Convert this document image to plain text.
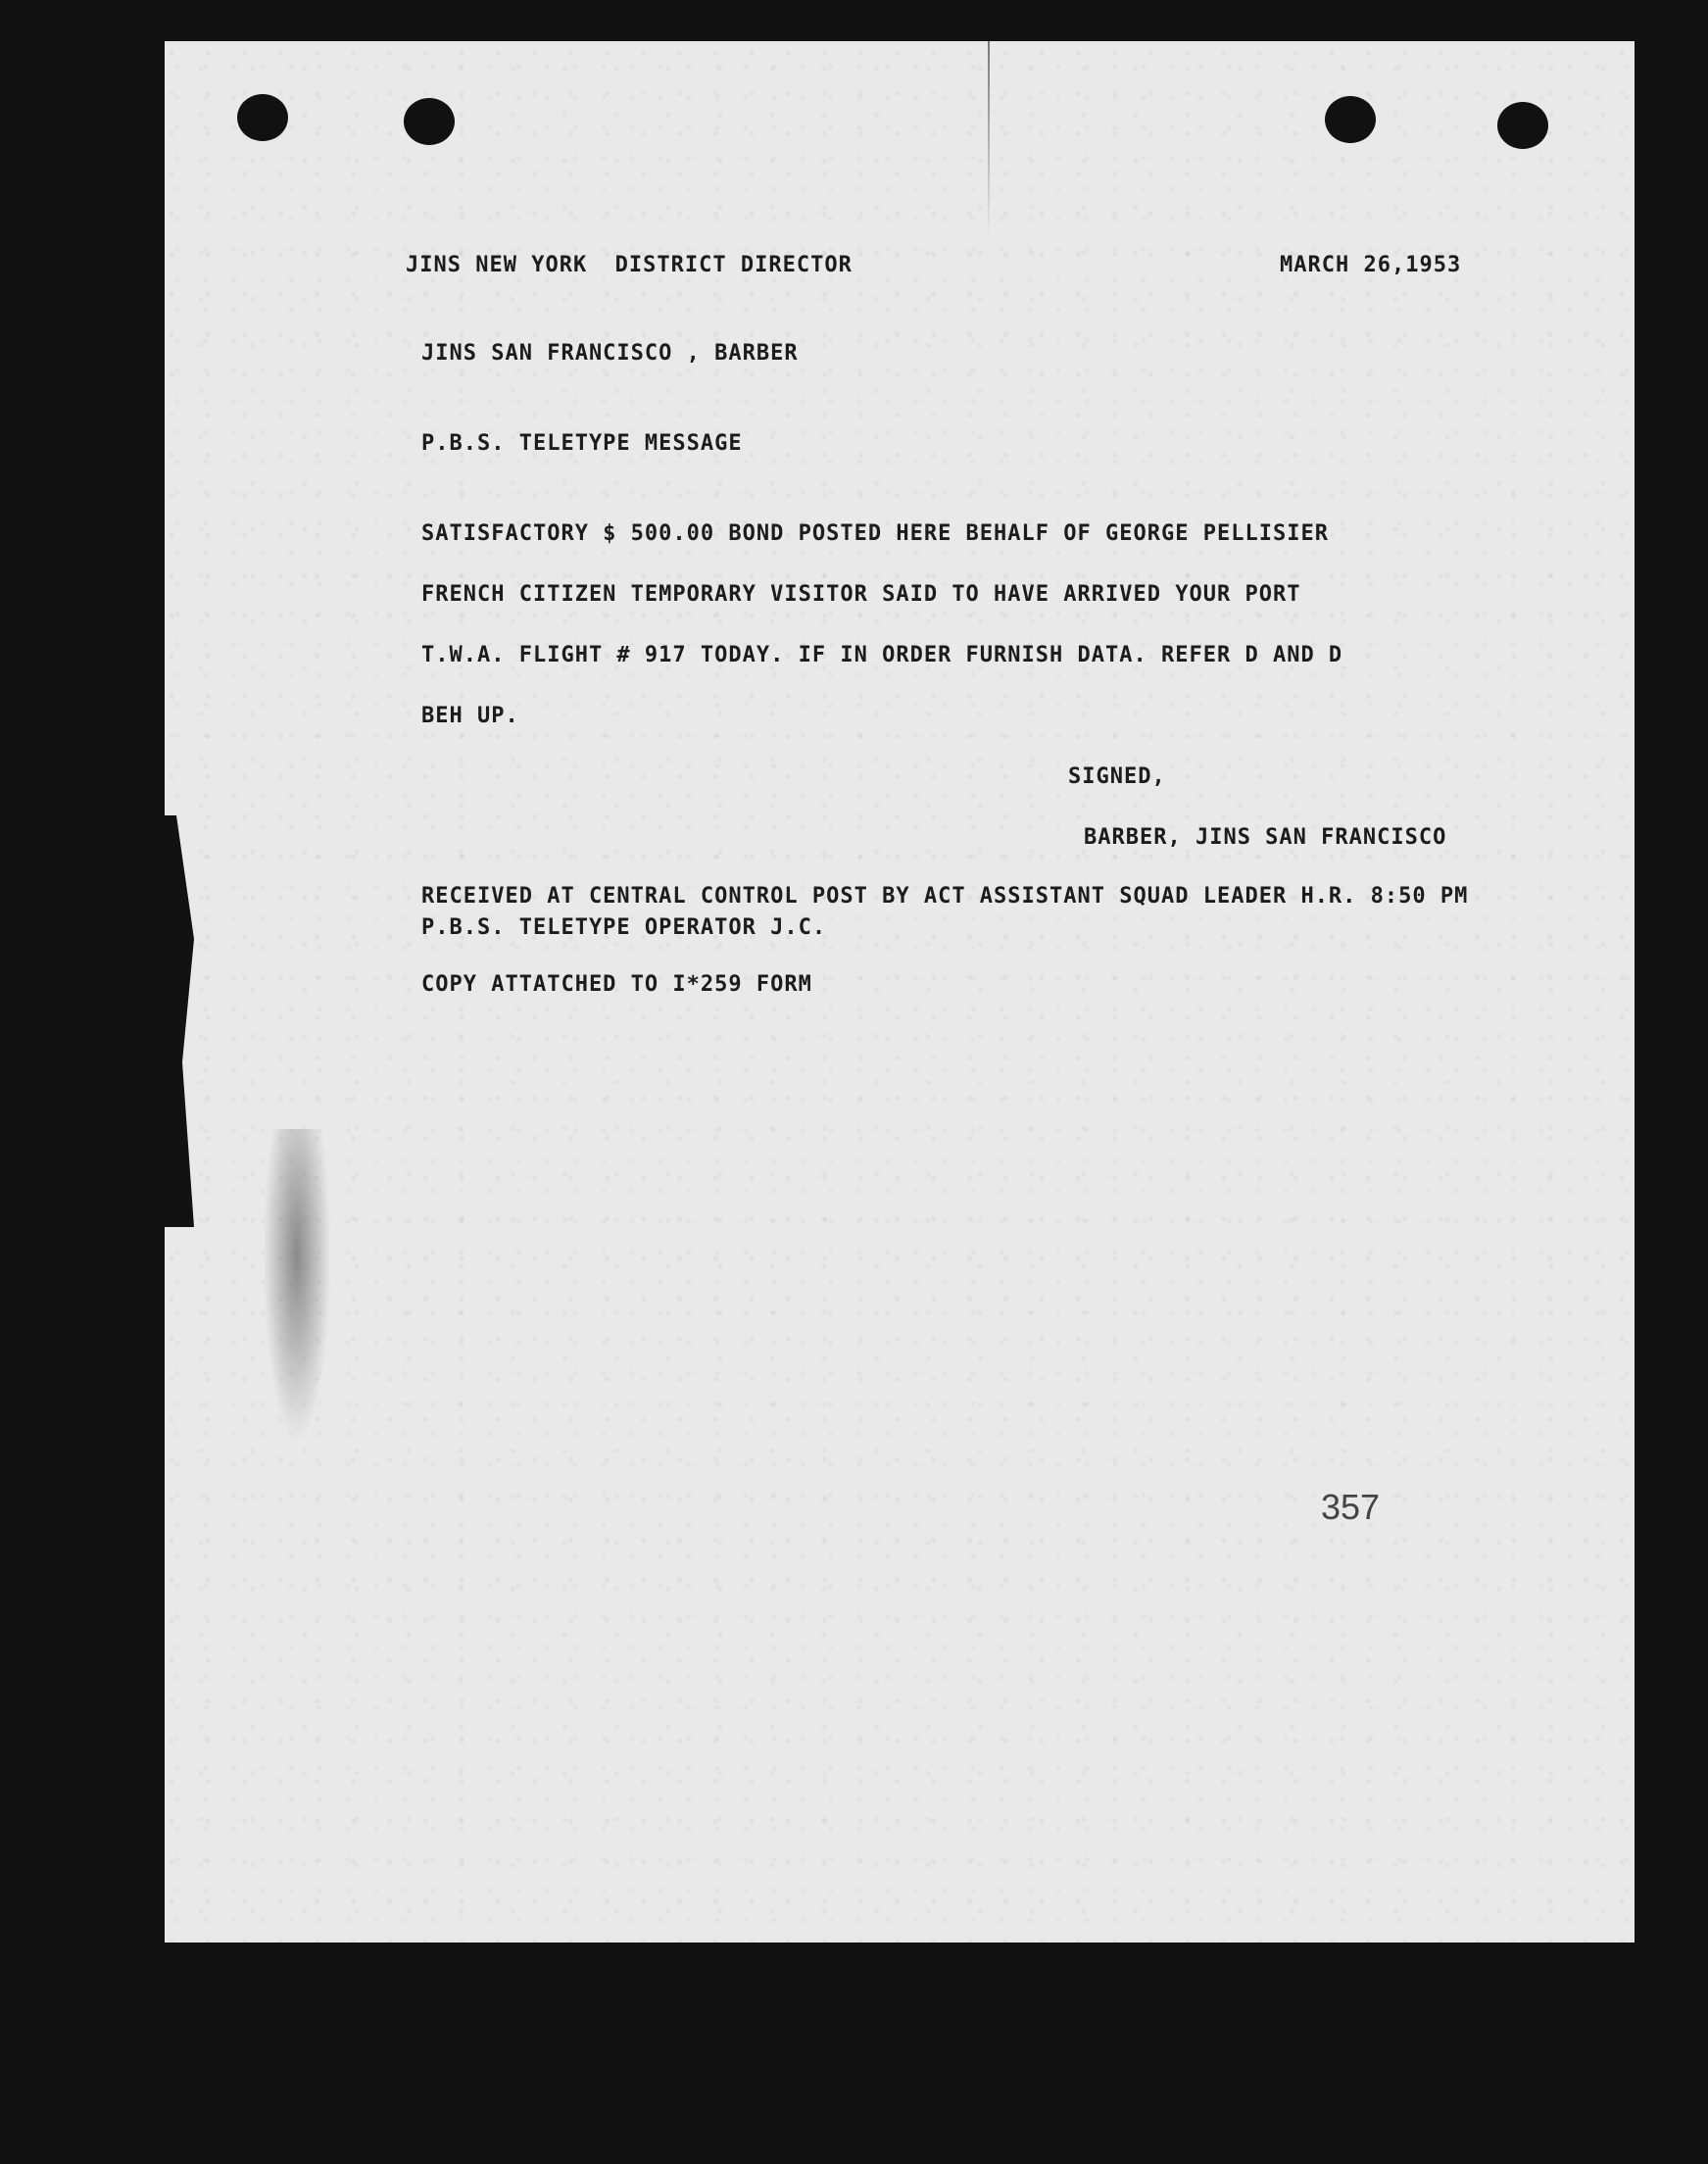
JINS NEW YORK  DISTRICT DIRECTOR	MARCH 26,1953

JINS SAN FRANCISCO , BARBER

P.B.S. TELETYPE MESSAGE

SATISFACTORY $ 500.00 BOND POSTED HERE BEHALF OF GEORGE PELLISIER

FRENCH CITIZEN TEMPORARY VISITOR SAID TO HAVE ARRIVED YOUR PORT

T.W.A. FLIGHT # 917 TODAY. IF IN ORDER FURNISH DATA. REFER D AND D

BEH UP.

SIGNED,

BARBER, JINS SAN FRANCISCO

RECEIVED AT CENTRAL CONTROL POST BY ACT ASSISTANT SQUAD LEADER H.R. 8:50 PM

P.B.S. TELETYPE OPERATOR J.C.

COPY ATTATCHED TO I*259 FORM

357
